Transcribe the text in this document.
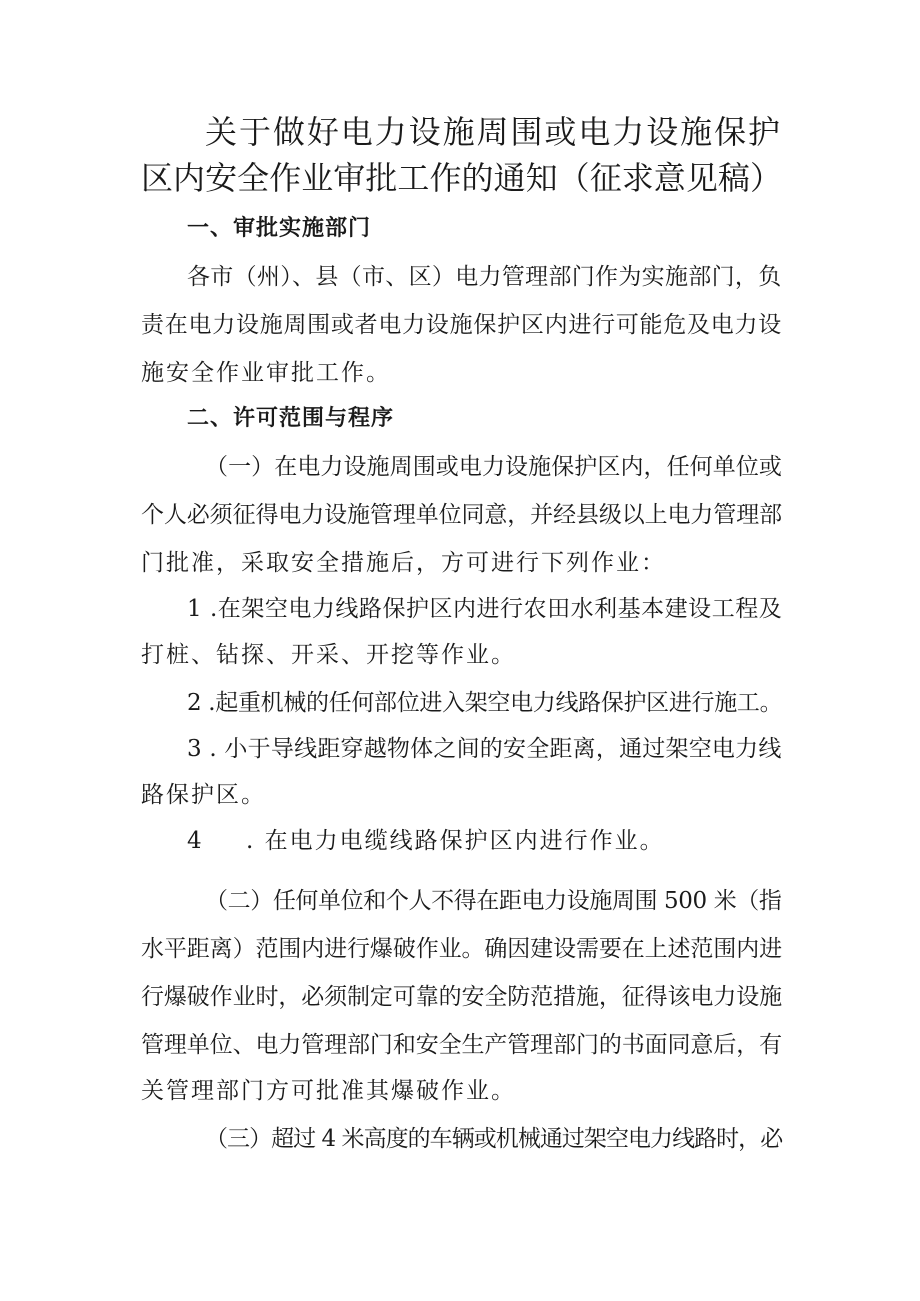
关于做好电力设施周围或电力设施保护
区内安全作业审批工作的通知（征求意见稿）
一、审批实施部门
各市（州）、县（市、区）电力管理部门作为实施部门，负
责在电力设施周围或者电力设施保护区内进行可能危及电力设
施安全作业审批工作。
二、许可范围与程序
（一）在电力设施周围或电力设施保护区内，任何单位或
个人必须征得电力设施管理单位同意，并经县级以上电力管理部
门批准，采取安全措施后，方可进行下列作业：
1 .在架空电力线路保护区内进行农田水利基本建设工程及
打桩、钻探、开采、开挖等作业。
2 .起重机械的任何部位进入架空电力线路保护区进行施工。
3 . 小于导线距穿越物体之间的安全距离，通过架空电力线
路保护区。
4 . 在电力电缆线路保护区内进行作业。
（二）任何单位和个人不得在距电力设施周围 500 米（指
水平距离）范围内进行爆破作业。确因建设需要在上述范围内进
行爆破作业时，必须制定可靠的安全防范措施，征得该电力设施
管理单位、电力管理部门和安全生产管理部门的书面同意后，有
关管理部门方可批准其爆破作业。
（三）超过 4 米高度的车辆或机械通过架空电力线路时，必
